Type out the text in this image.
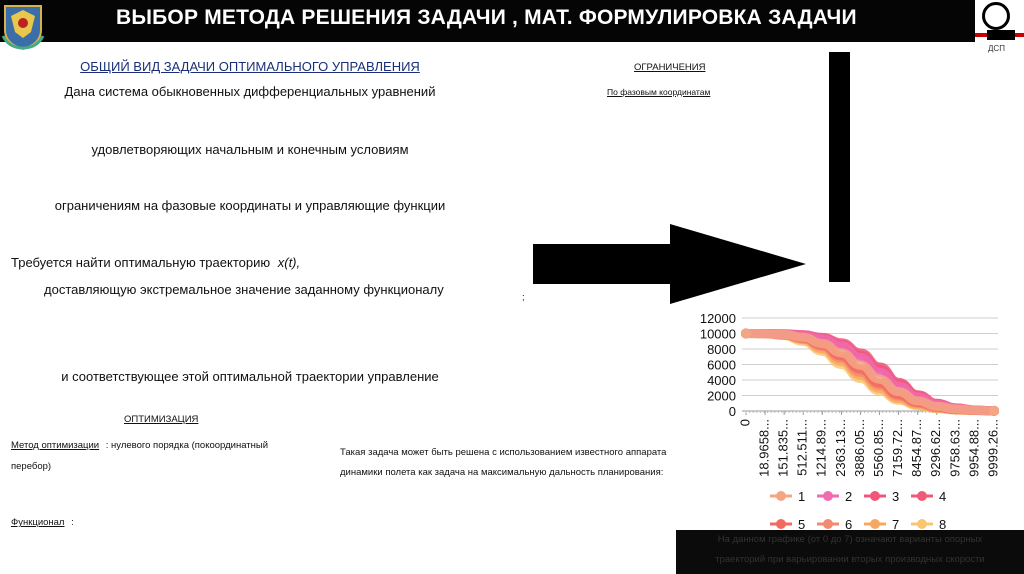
ВЫБОР МЕТОДА РЕШЕНИЯ ЗАДАЧИ , МАТ. ФОРМУЛИРОВКА ЗАДАЧИ
ДСП
ОБЩИЙ ВИД ЗАДАЧИ ОПТИМАЛЬНОГО УПРАВЛЕНИЯ
Дана система обыкновенных дифференциальных уравнений
удовлетворяющих начальным и конечным условиям
ограничениям на фазовые координаты и управляющие функции
Требуется найти оптимальную траекторию x(t),
доставляющую экстремальное значение заданному функционалу
и соответствующее этой оптимальной траектории управление
ОПТИМИЗАЦИЯ
Метод оптимизации : нулевого порядка (покоординатный
перебор)
Функционал :
ОГРАНИЧЕНИЯ
По фазовым координатам
;
Такая задача может быть решена с использованием известного аппарата
динамики полета как задача на максимальную дальность планирования:
0
2000
4000
6000
8000
10000
12000
0 18.9658... 151.835... 512.511... 1214.89... 2363.13... 3886.05... 5560.85... 7159.72... 8454.87... 9296.62... 9758.63... 9954.88... 9999.26...
1	2	3	4
5	6	7	8
На данном графике (от 0 до 7) означают варианты опорных
траекторий при варьировании вторых производных скорости
